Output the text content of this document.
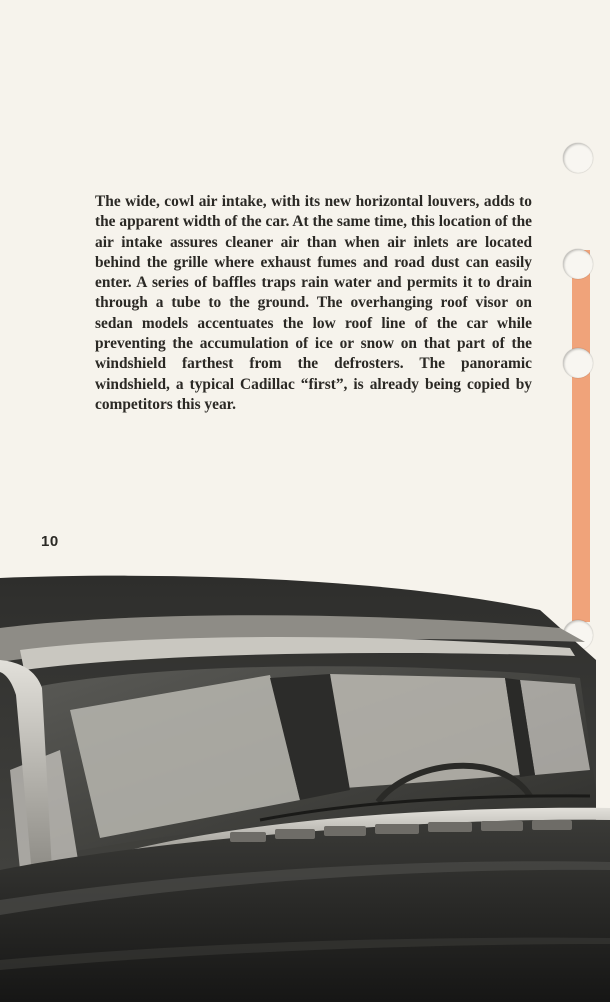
The wide, cowl air intake, with its new horizontal louvers, adds to the apparent width of the car. At the same time, this location of the air intake assures cleaner air than when air inlets are located behind the grille where exhaust fumes and road dust can easily enter. A series of baffles traps rain water and permits it to drain through a tube to the ground. The overhanging roof visor on sedan models accentuates the low roof line of the car while preventing the accumulation of ice or snow on that part of the windshield farthest from the defrosters. The panoramic windshield, a typical Cadillac “first”, is already being copied by competitors this year.

10
